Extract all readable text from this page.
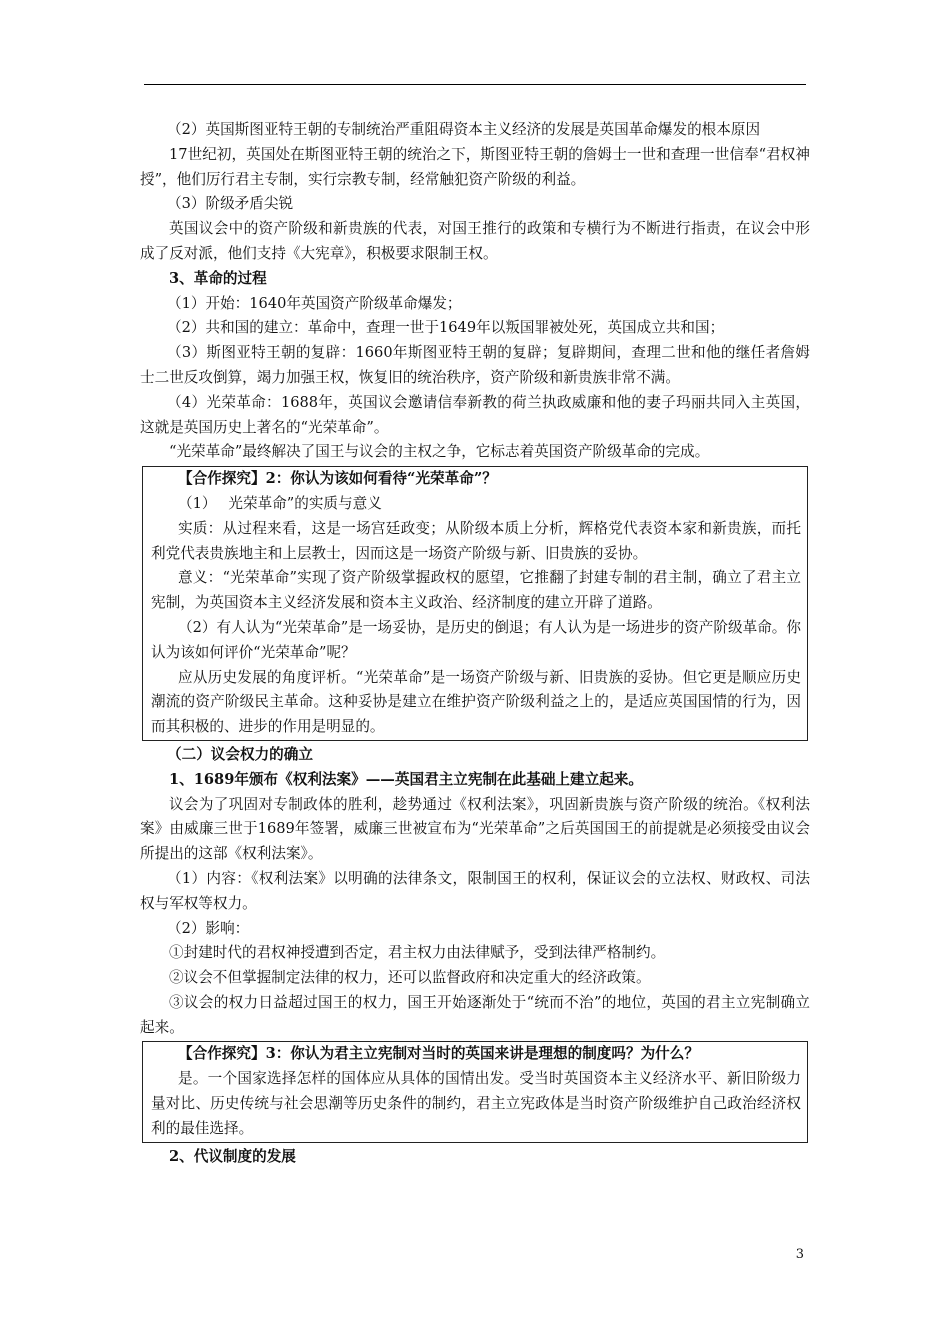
（2）英国斯图亚特王朝的专制统治严重阻碍资本主义经济的发展是英国革命爆发的根本原因

17世纪初，英国处在斯图亚特王朝的统治之下，斯图亚特王朝的詹姆士一世和查理一世信奉“君权神授”，他们厉行君主专制，实行宗教专制，经常触犯资产阶级的利益。

（3）阶级矛盾尖锐

英国议会中的资产阶级和新贵族的代表，对国王推行的政策和专横行为不断进行指责，在议会中形成了反对派，他们支持《大宪章》，积极要求限制王权。

3、革命的过程

（1）开始：1640年英国资产阶级革命爆发；

（2）共和国的建立：革命中，查理一世于1649年以叛国罪被处死，英国成立共和国；

（3）斯图亚特王朝的复辟：1660年斯图亚特王朝的复辟；复辟期间，查理二世和他的继任者詹姆士二世反攻倒算，竭力加强王权，恢复旧的统治秩序，资产阶级和新贵族非常不满。

（4）光荣革命：1688年，英国议会邀请信奉新教的荷兰执政威廉和他的妻子玛丽共同入主英国，这就是英国历史上著名的“光荣革命”。

“光荣革命”最终解决了国王与议会的主权之争，它标志着英国资产阶级革命的完成。

【合作探究】2：你认为该如何看待“光荣革命”？

（1）　 光荣革命”的实质与意义

实质：从过程来看，这是一场宫廷政变；从阶级本质上分析，辉格党代表资本家和新贵族，而托利党代表贵族地主和上层教士，因而这是一场资产阶级与新、旧贵族的妥协。

意义：“光荣革命”实现了资产阶级掌握政权的愿望，它推翻了封建专制的君主制，确立了君主立宪制，为英国资本主义经济发展和资本主义政治、经济制度的建立开辟了道路。

（2）有人认为“光荣革命”是一场妥协，是历史的倒退；有人认为是一场进步的资产阶级革命。你认为该如何评价“光荣革命”呢？

应从历史发展的角度评析。“光荣革命”是一场资产阶级与新、旧贵族的妥协。但它更是顺应历史潮流的资产阶级民主革命。这种妥协是建立在维护资产阶级利益之上的，是适应英国国情的行为，因而其积极的、进步的作用是明显的。

（二）议会权力的确立

1、1689年颁布《权利法案》——英国君主立宪制在此基础上建立起来。

议会为了巩固对专制政体的胜利，趁势通过《权利法案》，巩固新贵族与资产阶级的统治。《权利法案》由威廉三世于1689年签署，威廉三世被宣布为“光荣革命”之后英国国王的前提就是必须接受由议会所提出的这部《权利法案》。

（1）内容：《权利法案》以明确的法律条文，限制国王的权利，保证议会的立法权、财政权、司法权与军权等权力。

（2）影响：

①封建时代的君权神授遭到否定，君主权力由法律赋予，受到法律严格制约。

②议会不但掌握制定法律的权力，还可以监督政府和决定重大的经济政策。

③议会的权力日益超过国王的权力，国王开始逐渐处于“统而不治”的地位，英国的君主立宪制确立起来。

【合作探究】3：你认为君主立宪制对当时的英国来讲是理想的制度吗？为什么？

是。一个国家选择怎样的国体应从具体的国情出发。受当时英国资本主义经济水平、新旧阶级力量对比、历史传统与社会思潮等历史条件的制约，君主立宪政体是当时资产阶级维护自己政治经济权利的最佳选择。

2、代议制度的发展

3
